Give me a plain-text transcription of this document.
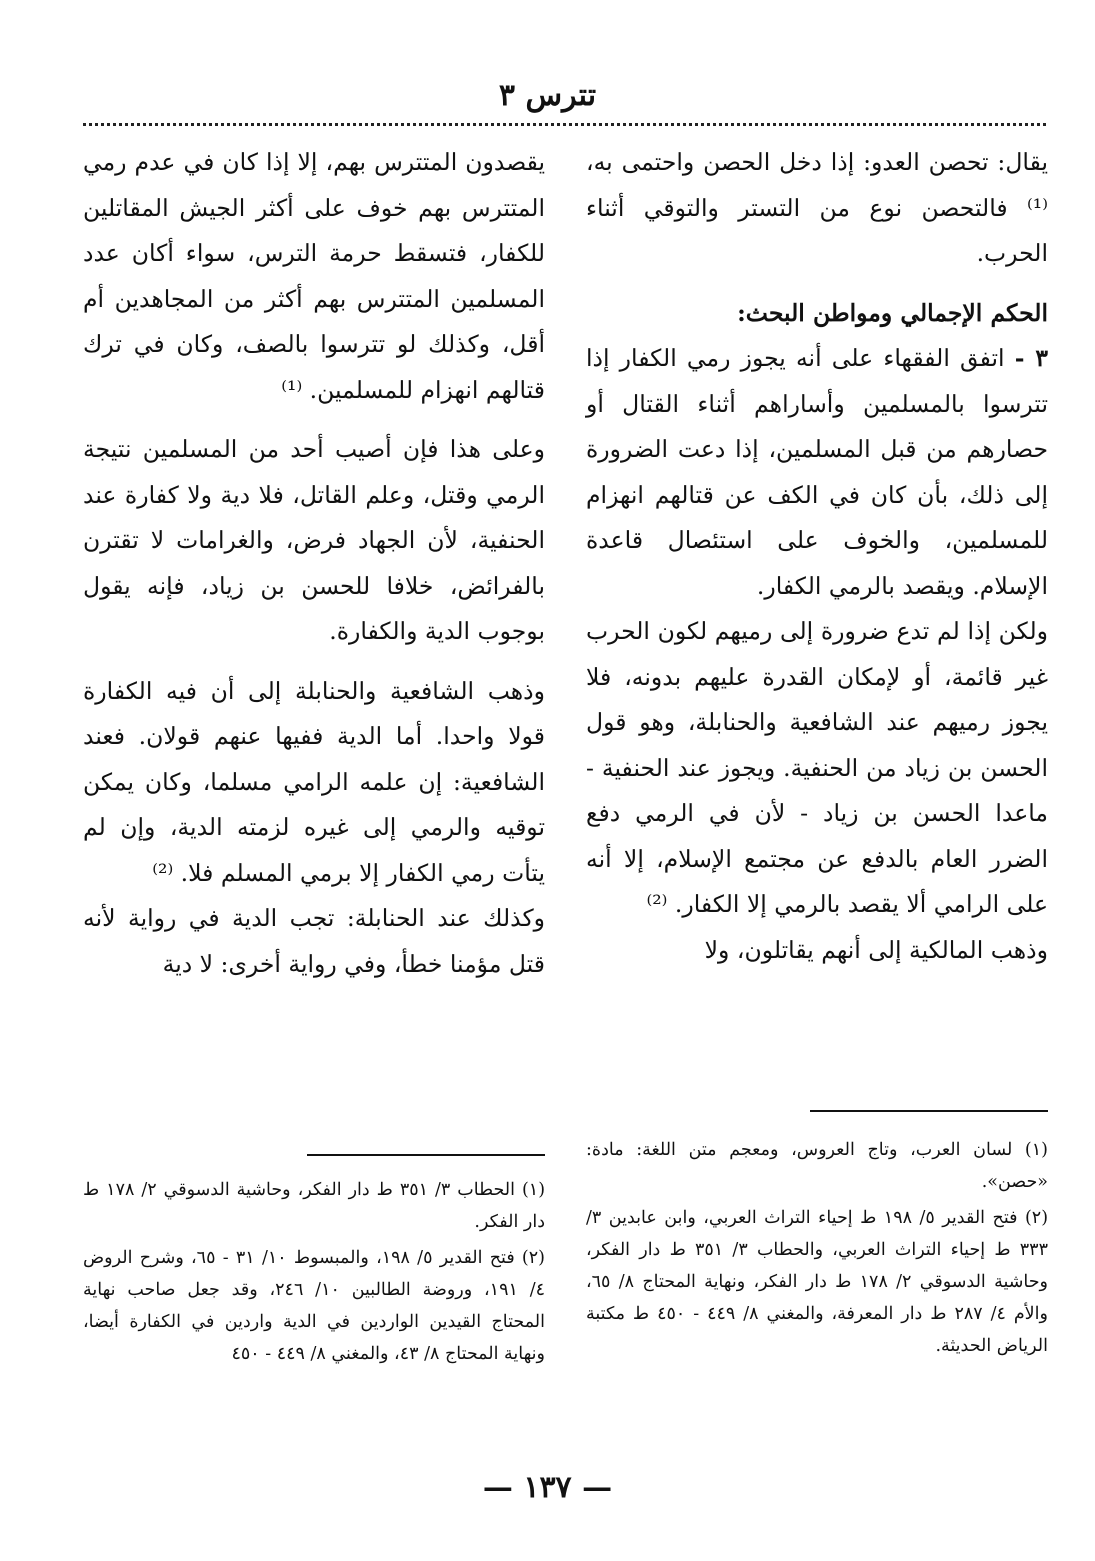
تترس ٣

يقال: تحصن العدو: إذا دخل الحصن واحتمى به، ⁽¹⁾ فالتحصن نوع من التستر والتوقي أثناء الحرب.

الحكم الإجمالي ومواطن البحث:

٣ - اتفق الفقهاء على أنه يجوز رمي الكفار إذا تترسوا بالمسلمين وأساراهم أثناء القتال أو حصارهم من قبل المسلمين، إذا دعت الضرورة إلى ذلك، بأن كان في الكف عن قتالهم انهزام للمسلمين، والخوف على استئصال قاعدة الإسلام. ويقصد بالرمي الكفار.

ولكن إذا لم تدع ضرورة إلى رميهم لكون الحرب غير قائمة، أو لإمكان القدرة عليهم بدونه، فلا يجوز رميهم عند الشافعية والحنابلة، وهو قول الحسن بن زياد من الحنفية. ويجوز عند الحنفية - ماعدا الحسن بن زياد - لأن في الرمي دفع الضرر العام بالدفع عن مجتمع الإسلام، إلا أنه على الرامي ألا يقصد بالرمي إلا الكفار. ⁽²⁾

وذهب المالكية إلى أنهم يقاتلون، ولا

(١) لسان العرب، وتاج العروس، ومعجم متن اللغة: مادة: «حصن».

(٢) فتح القدير ٥/ ١٩٨ ط إحياء التراث العربي، وابن عابدين ٣/ ٣٣٣ ط إحياء التراث العربي، والحطاب ٣/ ٣٥١ ط دار الفكر، وحاشية الدسوقي ٢/ ١٧٨ ط دار الفكر، ونهاية المحتاج ٨/ ٦٥، والأم ٤/ ٢٨٧ ط دار المعرفة، والمغني ٨/ ٤٤٩ - ٤٥٠ ط مكتبة الرياض الحديثة.

يقصدون المتترس بهم، إلا إذا كان في عدم رمي المتترس بهم خوف على أكثر الجيش المقاتلين للكفار، فتسقط حرمة الترس، سواء أكان عدد المسلمين المتترس بهم أكثر من المجاهدين أم أقل، وكذلك لو تترسوا بالصف، وكان في ترك قتالهم انهزام للمسلمين. ⁽¹⁾

وعلى هذا فإن أصيب أحد من المسلمين نتيجة الرمي وقتل، وعلم القاتل، فلا دية ولا كفارة عند الحنفية، لأن الجهاد فرض، والغرامات لا تقترن بالفرائض، خلافا للحسن بن زياد، فإنه يقول بوجوب الدية والكفارة.

وذهب الشافعية والحنابلة إلى أن فيه الكفارة قولا واحدا. أما الدية ففيها عنهم قولان. فعند الشافعية: إن علمه الرامي مسلما، وكان يمكن توقيه والرمي إلى غيره لزمته الدية، وإن لم يتأت رمي الكفار إلا برمي المسلم فلا. ⁽²⁾

وكذلك عند الحنابلة: تجب الدية في رواية لأنه قتل مؤمنا خطأ، وفي رواية أخرى: لا دية

(١) الحطاب ٣/ ٣٥١ ط دار الفكر، وحاشية الدسوقي ٢/ ١٧٨ ط دار الفكر.

(٢) فتح القدير ٥/ ١٩٨، والمبسوط ١٠/ ٣١ - ٦٥، وشرح الروض ٤/ ١٩١، وروضة الطالبين ١٠/ ٢٤٦، وقد جعل صاحب نهاية المحتاج القيدين الواردين في الدية واردين في الكفارة أيضا، ونهاية المحتاج ٨/ ٤٣، والمغني ٨/ ٤٤٩ - ٤٥٠

— ١٣٧ —
